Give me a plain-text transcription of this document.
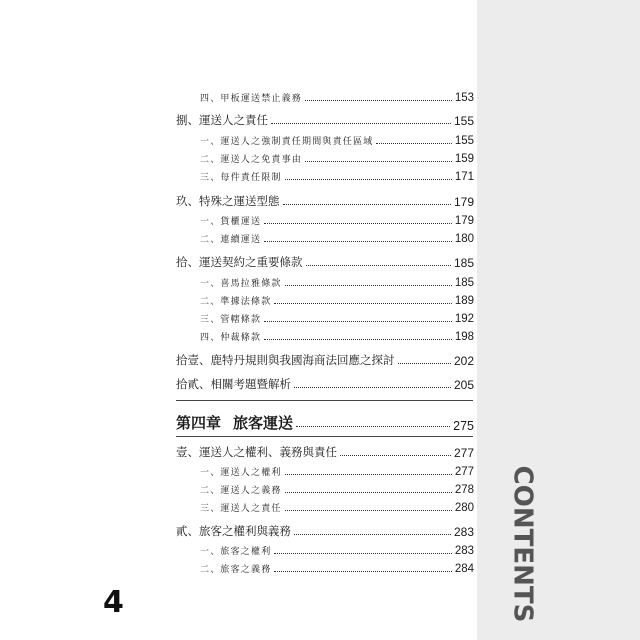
CONTENTS
四、甲板運送禁止義務	153
捌、運送人之責任	155
一、運送人之強制責任期間與責任區域	155
二、運送人之免責事由	159
三、每件責任限制	171
玖、特殊之運送型態	179
一、貨櫃運送	179
二、連續運送	180
拾、運送契約之重要條款	185
一、喜馬拉雅條款	185
二、準據法條款	189
三、管轄條款	192
四、仲裁條款	198
拾壹、鹿特丹規則與我國海商法回應之探討	202
拾貳、相關考題暨解析	205
第四章 旅客運送	275
壹、運送人之權利、義務與責任	277
一、運送人之權利	277
二、運送人之義務	278
三、運送人之責任	280
貳、旅客之權利與義務	283
一、旅客之權利	283
二、旅客之義務	284
4
